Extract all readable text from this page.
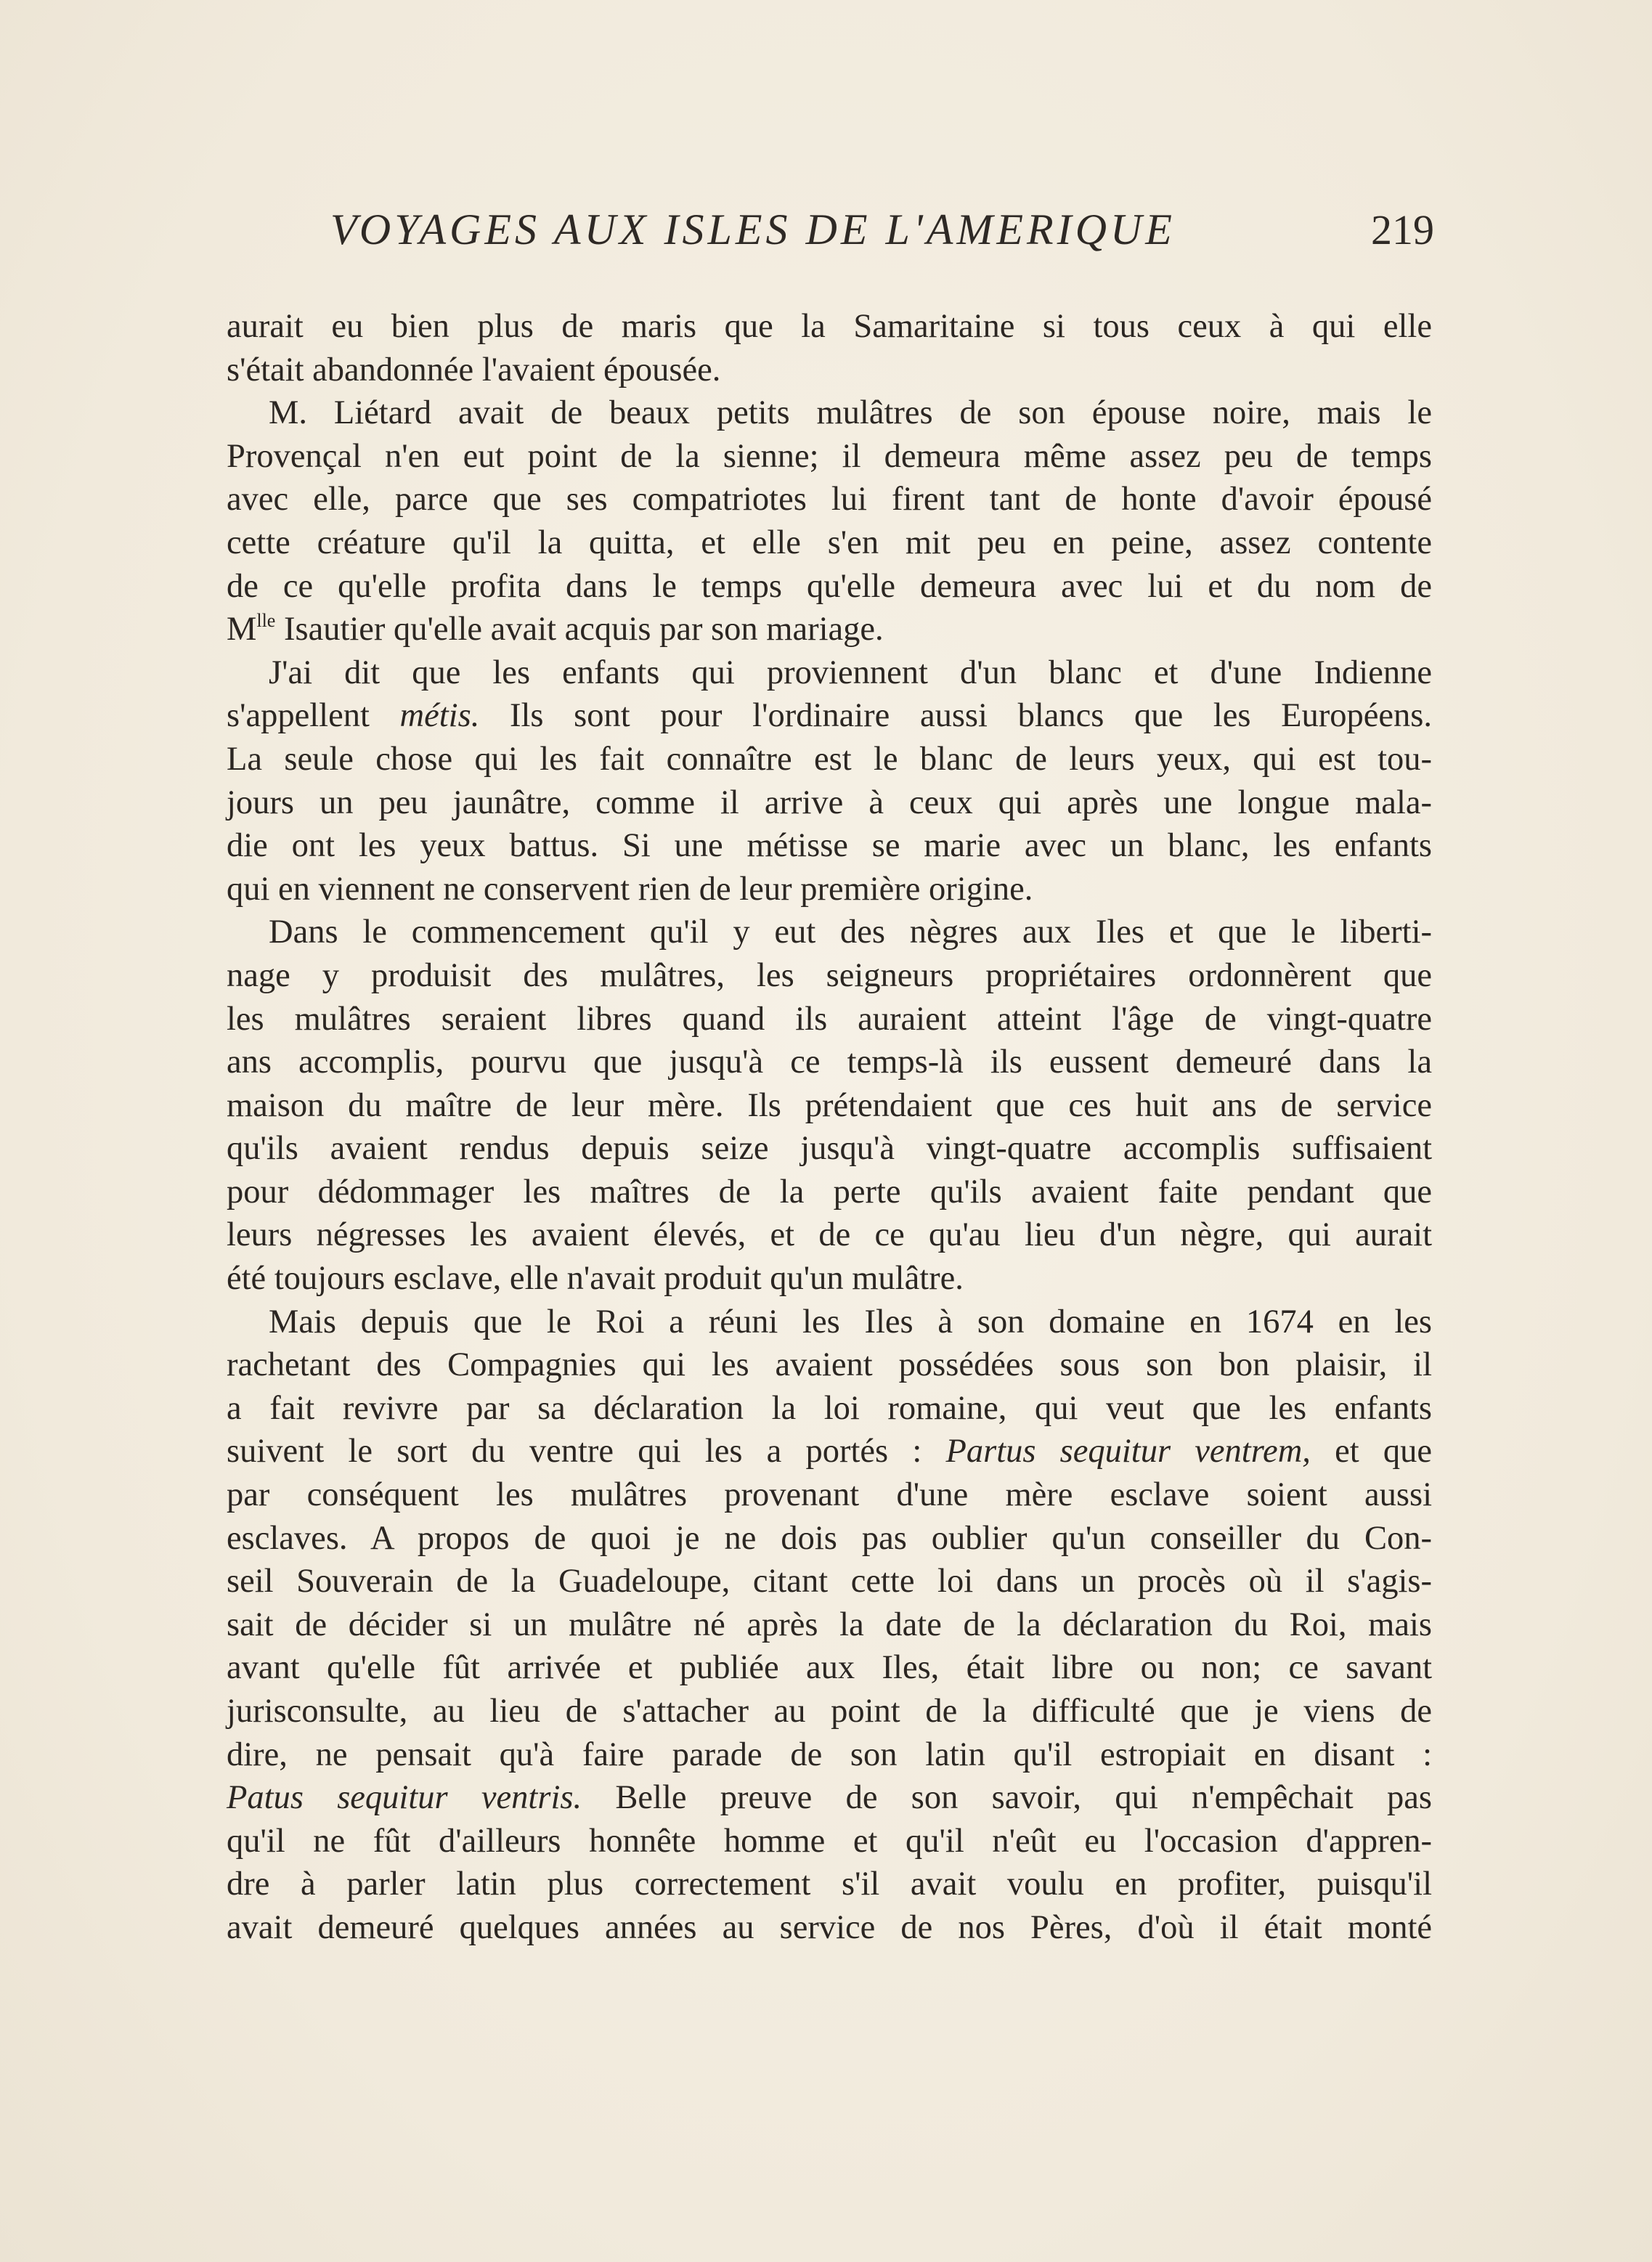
VOYAGES AUX ISLES DE L'AMERIQUE	219
aurait eu bien plus de maris que la Samaritaine si tous ceux à qui elle
s'était abandonnée l'avaient épousée.
M. Liétard avait de beaux petits mulâtres de son épouse noire, mais le
Provençal n'en eut point de la sienne; il demeura même assez peu de temps
avec elle, parce que ses compatriotes lui firent tant de honte d'avoir épousé
cette créature qu'il la quitta, et elle s'en mit peu en peine, assez contente
de ce qu'elle profita dans le temps qu'elle demeura avec lui et du nom de
$M^{lle}$ Isautier qu'elle avait acquis par son mariage.
J'ai dit que les enfants qui proviennent d'un blanc et d'une Indienne
s'appellent métis. Ils sont pour l'ordinaire aussi blancs que les Européens.
La seule chose qui les fait connaître est le blanc de leurs yeux, qui est tou-
jours un peu jaunâtre, comme il arrive à ceux qui après une longue mala-
die ont les yeux battus. Si une métisse se marie avec un blanc, les enfants
qui en viennent ne conservent rien de leur première origine.
Dans le commencement qu'il y eut des nègres aux Iles et que le liberti-
nage y produisit des mulâtres, les seigneurs propriétaires ordonnèrent que
les mulâtres seraient libres quand ils auraient atteint l'âge de vingt-quatre
ans accomplis, pourvu que jusqu'à ce temps-là ils eussent demeuré dans la
maison du maître de leur mère. Ils prétendaient que ces huit ans de service
qu'ils avaient rendus depuis seize jusqu'à vingt-quatre accomplis suffisaient
pour dédommager les maîtres de la perte qu'ils avaient faite pendant que
leurs négresses les avaient élevés, et de ce qu'au lieu d'un nègre, qui aurait
été toujours esclave, elle n'avait produit qu'un mulâtre.
Mais depuis que le Roi a réuni les Iles à son domaine en 1674 en les
rachetant des Compagnies qui les avaient possédées sous son bon plaisir, il
a fait revivre par sa déclaration la loi romaine, qui veut que les enfants
suivent le sort du ventre qui les a portés : Partus sequitur ventrem, et que
par conséquent les mulâtres provenant d'une mère esclave soient aussi
esclaves. A propos de quoi je ne dois pas oublier qu'un conseiller du Con-
seil Souverain de la Guadeloupe, citant cette loi dans un procès où il s'agis-
sait de décider si un mulâtre né après la date de la déclaration du Roi, mais
avant qu'elle fût arrivée et publiée aux Iles, était libre ou non; ce savant
jurisconsulte, au lieu de s'attacher au point de la difficulté que je viens de
dire, ne pensait qu'à faire parade de son latin qu'il estropiait en disant :
Patus sequitur ventris. Belle preuve de son savoir, qui n'empêchait pas
qu'il ne fût d'ailleurs honnête homme et qu'il n'eût eu l'occasion d'appren-
dre à parler latin plus correctement s'il avait voulu en profiter, puisqu'il
avait demeuré quelques années au service de nos Pères, d'où il était monté
